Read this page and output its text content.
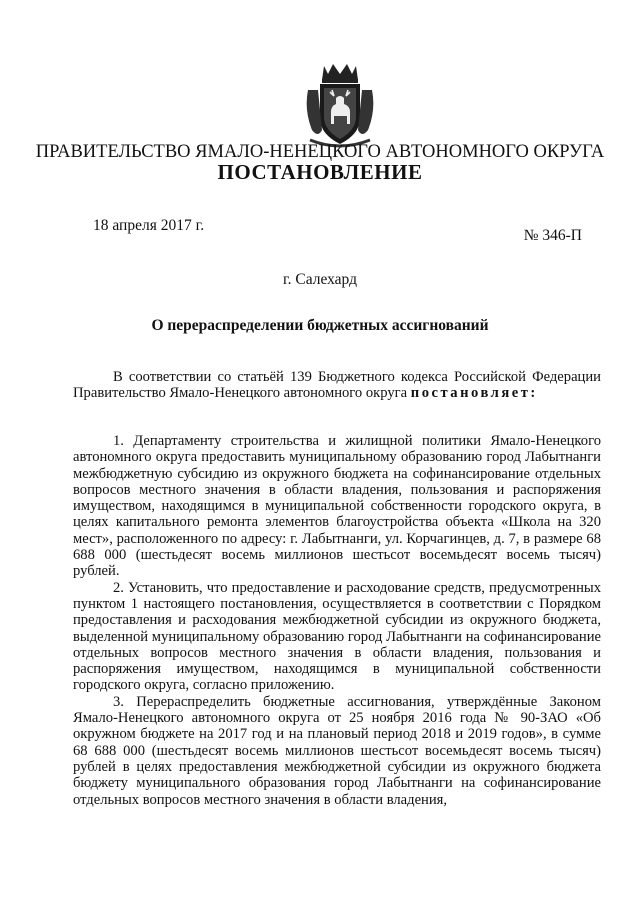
ПРАВИТЕЛЬСТВО ЯМАЛО-НЕНЕЦКОГО АВТОНОМНОГО ОКРУГА
ПОСТАНОВЛЕНИЕ
18 апреля 2017 г.
№ 346-П
г. Салехард
О перераспределении бюджетных ассигнований

В соответствии со статьёй 139 Бюджетного кодекса Российской Федерации Правительство Ямало-Ненецкого автономного округа постановляет:

1. Департаменту строительства и жилищной политики Ямало-Ненецкого автономного округа предоставить муниципальному образованию город Лабытнанги межбюджетную субсидию из окружного бюджета на софинансирование отдельных вопросов местного значения в области владения, пользования и распоряжения имуществом, находящимся в муниципальной собственности городского округа, в целях капитального ремонта элементов благоустройства объекта «Школа на 320 мест», расположенного по адресу: г. Лабытнанги, ул. Корчагинцев, д. 7, в размере 68 688 000 (шестьдесят восемь миллионов шестьсот восемьдесят восемь тысяч) рублей.

2. Установить, что предоставление и расходование средств, предусмотренных пунктом 1 настоящего постановления, осуществляется в соответствии с Порядком предоставления и расходования межбюджетной субсидии из окружного бюджета, выделенной муниципальному образованию город Лабытнанги на софинансирование отдельных вопросов местного значения в области владения, пользования и распоряжения имуществом, находящимся в муниципальной собственности городского округа, согласно приложению.

3. Перераспределить бюджетные ассигнования, утверждённые Законом Ямало-Ненецкого автономного округа от 25 ноября 2016 года № 90-ЗАО «Об окружном бюджете на 2017 год и на плановый период 2018 и 2019 годов», в сумме 68 688 000 (шестьдесят восемь миллионов шестьсот восемьдесят восемь тысяч) рублей в целях предоставления межбюджетной субсидии из окружного бюджета бюджету муниципального образования город Лабытнанги на софинансирование отдельных вопросов местного значения в области владения,
